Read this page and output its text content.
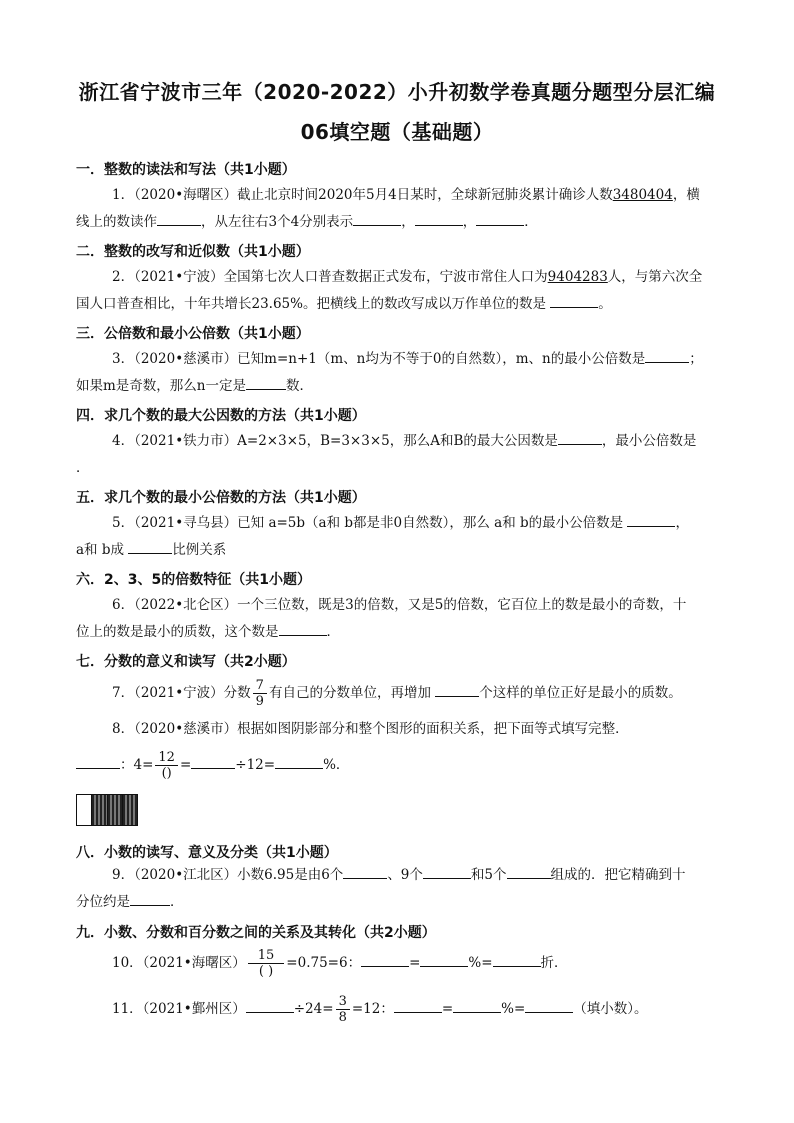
浙江省宁波市三年（2020-2022）小升初数学卷真题分题型分层汇编
06填空题（基础题）
一．整数的读法和写法（共1小题）
1．（2020•海曙区）截止北京时间2020年5月4日某时，全球新冠肺炎累计确诊人数3480404，横
线上的数读作	，从左往右3个4分别表示	，	，	．
二．整数的改写和近似数（共1小题）
2．（2021•宁波）全国第七次人口普查数据正式发布，宁波市常住人口为9404283人，与第六次全
国人口普查相比，十年共增长23.65%。把横线上的数改写成以万作单位的数是	。
三．公倍数和最小公倍数（共1小题）
3．（2020•慈溪市）已知m=n+1（m、n均为不等于0的自然数），m、n的最小公倍数是	；
如果m是奇数，那么n一定是	数．
四．求几个数的最大公因数的方法（共1小题）
4．（2021•铁力市）A=2×3×5，B=3×3×5，那么A和B的最大公因数是	，最小公倍数是
．
五．求几个数的最小公倍数的方法（共1小题）
5．（2021•寻乌县）已知 a=5b（a和 b都是非0自然数），那么 a和 b的最小公倍数是	，
a和 b成	比例关系
六．2、3、5的倍数特征（共1小题）
6．（2022•北仑区）一个三位数，既是3的倍数，又是5的倍数，它百位上的数是最小的奇数，十
位上的数是最小的质数，这个数是	．
七．分数的意义和读写（共2小题）
7．（2021•宁波）分数 $\frac{7}{9}$ 有自己的分数单位，再增加	个这样的单位正好是最小的质数。
8．（2020•慈溪市）根据如图阴影部分和整个图形的面积关系，把下面等式填写完整．
：$4= \frac{12}{()}$ =	÷12=	%．
八．小数的读写、意义及分类（共1小题）
9．（2020•江北区）小数6.95是由6个	、9个	和5个	组成的．把它精确到十
分位约是	．
九．小数、分数和百分数之间的关系及其转化（共2小题）
10．（2021•海曙区） $\frac{15}{( )} =0.75=6$：	=	%=	折．
11．（2021•鄞州区）	$\div 24= \frac{3}{8} =12$：	=	%=	（填小数）。
